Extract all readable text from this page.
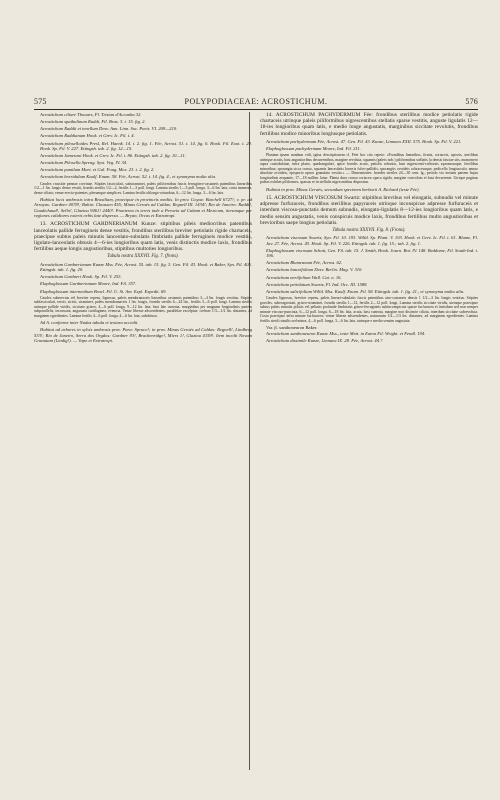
575	POLYPODIACEAE: ACROSTICHUM.	576
Acrostichum ciliare Thouars, Fl. Tristan d'Accunha 32.
Acrostichum spathulinum Raddi, Fil. Bras. 3. t. 15. fig. 2.
Acrostichum Raddii et tenellum Desv. Ann. Linn. Soc. Paris. VI. 209—210.
Acrostichum Raddianum Hook. et Grev. Ic. Fil. t. 4.
Acrostichum piloselloides Presl, Rel. Haenk. 14. t. 2. fig. 1. Fée, Acrost. 51. t. 14. fig. 6. Hook. Fil. Exot. t. 29. Hook. Sp. Fil. V. 227. Ettingsh. tab. 2. fig. 12—15.
Acrostichum Jamesoni Hook. et Grev. Ic. Fil. t. 86. Ettingsh. tab. 2. fig. 10—11.
Acrostichum Pilosella Spreng. Syst. Veg. IV. 34.
Acrostichum pumilum Mart. et Gal. Foug. Mex. 23. t. 2. fig. 2.
Acrostichum horridulum Kaulf. Enum. 58. Fée, Acrost. 52. t. 14. fig. 4., et synonyma multa alia.
Caudex crassitie pennae corvinae. Stipites fasciculati, substraminei, paleis piliformibus fuscis ferrugineo-castaneis patentibus linearibus 1/2—1 lin. longis dense vestiti, frondis sterilis 1/2—2, fertilis 1—3 poll. longi. Lamina sterilis 1—3 poll. longa, 3—6 lin. lata; costa immersa, dense ciliata; venae erecto-patentes, plerumque simplices. Lamina fertilis oblongo-rotundata, 6—12 lin. longa, 3—6 lin. lata.
Habitat locis umbrosis intra Brasiliam, praecipue in provinciis mediis. In prov. Goyaz: Burchell 6727!; v. pr. ad Arrayas: Gardner 4078!; Bahia: Claussen 455; Minas Geraës ad Caldas: Regnell III. 1434!; Rio de Janeiro: Raddi!, Gaudichaud!, Sello!, Glaziou 9461! 2440!. Praeterea in terris inde a Peruvia ad Cubam et Mexicum, iterumque per regiones calidiores exteris orbis late dispersa. — Bryan, Orcas et Extratropi.
13. ACROSTICHUM GARDNERIANUM Kunze: stipitibus pileis mediocribus patentibus lanceolatis pallide ferrugineis dense vestitis, frondibus sterilibus breviter petiolatis rigide chartaceis, praecipue subtus paleis minutis lanceolato-subulatis fimbriatis pallide ferrugineis modice vestitis, ligulato-lanceolatis obtusis 4—6-ies longioribus quam latis, venis distinctis modice laxis, frondibus fertilibus aeque longis angustioribus, stipitibus multoties longioribus.
Tabula nostra XXXVII. Fig. 7. (frons).
Acrostichum Gardnerianum Kunze Mss. Fée, Acrost. 55. tab. 15. fig. 3. Gen. Fil. 43. Hook. et Baker, Syn. Fil. 405. Ettingsh. tab. 1. fig. 20.
Acrostichum Gardneri Hook. Sp. Fil. V. 253.
Elaphoglossum Gardnerianum Moore, Ind. Fil. 357.
Elaphoglossum intermedium Bracl. Fil. U. St. Am. Expl. Expedit. 69.
Caudex suberectus vel breviter repens, lignosus, paleis membranaceis linearibus castaneis patentibus 3—4 lin. longis vestitus. Stipites subfasciculati, erecti, stricti, straminei, paleis membranaceis 1 lin. longis, frondis sterilis 6—24 lin., fertilis 3—6 poll. longi. Lamina sterilis utrinque pallide viridis, siccitate griseo, 4—6 poll. longa, 9—12 lin. lata; basi late cuneata, marginibus per magnam longitudinis partem subparallelis, incrassata, angustata cartilaginea, evenosa. Venae liberae adscendentes, parallelae excelptae, crebrae 1/3—1/2 lin. distantes, ad marginem egredientes. Lamina fertilis 4—6 poll. longa, 4—6 lin. lata, subobtusa.
Ad A. conforme inter Nudas tabula et textura accedit.
Habitat ad arbores in sylvis umbrosis prov. Para: Spruce!; in prov. Minas Geraës ad Caldas: Regnell!, Lindberg 533!; Rio de Janeiro, Serra dos Orgãos: Gardner 93!, Brackenridge!, Miers 1!, Glaziou 4159!. Item incolit Novam Granatam (Lindig!). — Vapo et Extratropi.
14. ACROSTICHUM PACHYDERMUM Fée: frondibus sterilibus modice petiolatis rigide chartaceis utrinque paleis piliformibus nigrescentibus stellatis sparse vestitis, anguste ligulatis 12—18-ies longioribus quam latis, e medio longe angustatis, marginibus siccitate revolutis, frondibus fertilibus modice minoribus longiusque petiolatis.
Acrostichum pachydermum Fée, Acrost. 47. Gen. Fil. 43. Kunze, Linnaea XXII. 575. Hook. Sp. Fil. V. 221.
Elaphoglossum pachydermum Moore, Ind. Fil. 211.
Plantam ipsam nondum vidi, igitur descriptionem cl. Féei hoc cito repeto: «Frondibus linearibus, firmis, coriaceis, apiceis, sterilibus utrinque acutis, basi angustioribus decurrentibus, margine revoluta, squamis (paleis nob.) piliformibus stellatis (a densis fasciae stis, monomero supra custodulatae, infra plano, quadrangulari, apice frondis acuto, petiolis robustis, basi nigrescenti-crebrosis squamosaque; fertilibus minoribus; sporangia sicca crasso, squamis lanceolatis lacerris fulvo-pallidis; sporangiis ovoideis ochraceusque, pedicello longiusculo; annuo absolute ovoideis, episporio opaco granulato vestito.» — Dimensiones: frondes steriles 24—30 cent. lg.; petiolo vix tertiam partem hujus longitudinis aequante, 17—18 millim. latae. Planta dura crassa coriacea opaca rigida, margine convoluto et basi decurrente. Utrique paginas paleas exhibet piliformes, sparsas et in stellulis nigricantibus dispositas.
Habitat in prov. Minas Geraës, secundum specimen herbarii A. Richard (teste Fée).
15. ACROSTICHUM VISCOSUM Swartz: stipitibus brevibus vel elongatis, subnudis vel minute adpresse furfuraceis, frondibus sterilibus papyraceis utrinque inconspicue adpresse furfuraceis et interdum viscoso-punctatis demum subnudis, elongato-ligulatis 8—12-ies longioribus quam latis, e medio sensim angustatis, venis conspicuis modice laxis, frondibus fertilibus multo angustioribus et brevioribus saepe longius petiolatis.
Tabula nostra XXXVII. Fig. 8. (Frons).
Acrostichum viscosum Swartz, Syn. Fil. 10. 193. Willd. Sp. Plant. V. 103. Hook. et Grev. Ic. Fil. t. 61. Blume, Fl. Jav. 27. Fée, Acrost. 45. Hook. Sp. Fil. V. 226. Ettingsh. tab. 1. fig. 15.; tab. 2. fig. 1.
Elaphoglossum viscosum Schott, Gen. Fil. tab. 15. J. Smith, Hook. Journ. Bot. IV. 148. Beddome, Fil. South-Ind. t. 196.
Acrostichum Blumeanum Fée, Acrost. 62.
Acrostichum lanceifolium Desv. Berlin. Mag. V. 310.
Acrostichum neriifolium Wall. Cat. n. 16.
Acrostichum petiolatum Swartz, Fl. Ind. Occ. III. 1588.
Acrostichum salicifolium Willd. Mss. Kaulf. Enum. Fil. 58. Ettingsh. tab. 1. fig. 21., et synonyma multa alia.
Caudex lignosus, breviter repens, paleis lineari-subulatis fuscis patentibus atro-castaneis densis 1 1/2—3 lin. longis vestitus. Stipites graciles, suberagrostati, griseo-straminei, frondis sterilis 1—12, fertilis 2—12 poll. longi. Lamina sterilis siccitate viridis, utrinque praecipue subtus paleis minutis pilosis vel peltatis profunde fimbriatis griseo-ferrugineis subinconspicuis sparse furfuracea et interdum sed non semper minute viscoso-punctata, 6—12 poll. longa, 6—18 lin. lata, acuta, basi cuneata, margine non distincte ciliata, interdum siccitate subrevoluta. Costa praecipue infra minute furfuracea; venae liberae adscendentes, naturarum 1/4—1/3 lin. distantes, ad marginem egredientes. Lamina fertilis sterili similis sed minor, 4—6 poll. longa, 3—6 lin. lata, utrinque e medio sensim angustata.
Var. β. xanthoneuron Baker.
Acrostichum xanthoneuron Kunze Mss., teste Mett. in Eaton Fil. Wright. et Fendl. 194.
Acrostichum dissimile Kunze, Linnaea IX. 28. Fée, Acrost. 44.?
